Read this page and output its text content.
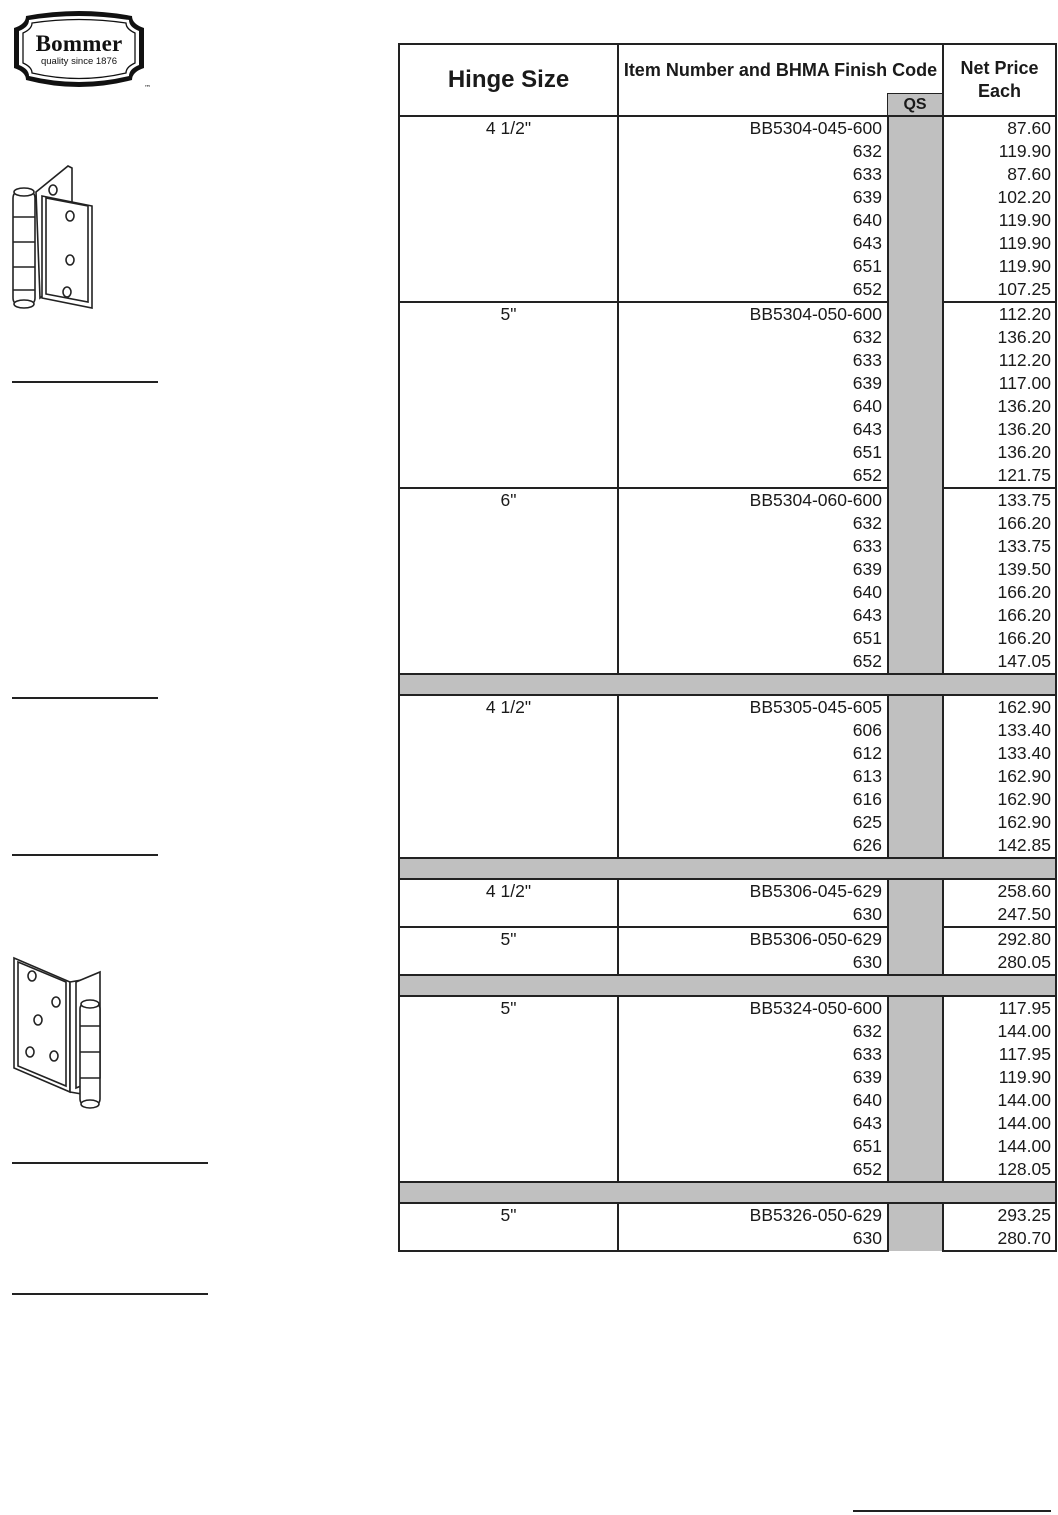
™
Bommer
quality since 1876
Hinge Size	Item Number and BHMA Finish Code
QS		Net Price Each
4 1/2"	BB5304-045-600		87.60
	632		119.90
	633		87.60
	639		102.20
	640		119.90
	643		119.90
	651		119.90
	652		107.25
5"	BB5304-050-600		112.20
	632		136.20
	633		112.20
	639		117.00
	640		136.20
	643		136.20
	651		136.20
	652		121.75
6"	BB5304-060-600		133.75
	632		166.20
	633		133.75
	639		139.50
	640		166.20
	643		166.20
	651		166.20
	652		147.05

4 1/2"	BB5305-045-605		162.90
	606		133.40
	612		133.40
	613		162.90
	616		162.90
	625		162.90
	626		142.85

4 1/2"	BB5306-045-629		258.60
	630		247.50
5"	BB5306-050-629		292.80
	630		280.05

5"	BB5324-050-600		117.95
	632		144.00
	633		117.95
	639		119.90
	640		144.00
	643		144.00
	651		144.00
	652		128.05

5"	BB5326-050-629		293.25
	630		280.70
